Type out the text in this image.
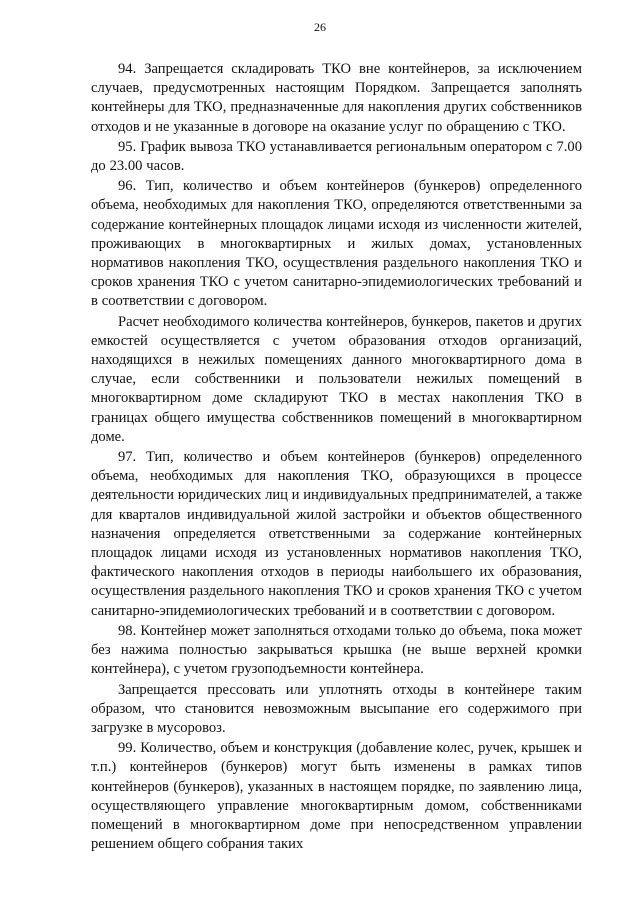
26

94. Запрещается складировать ТКО вне контейнеров, за исключением случаев, предусмотренных настоящим Порядком. Запрещается заполнять контейнеры для ТКО, предназначенные для накопления других собственников отходов и не указанные в договоре на оказание услуг по обращению с ТКО.

95. График вывоза ТКО устанавливается региональным оператором с 7.00 до 23.00 часов.

96. Тип, количество и объем контейнеров (бункеров) определенного объема, необходимых для накопления ТКО, определяются ответственными за содержание контейнерных площадок лицами исходя из численности жителей, проживающих в многоквартирных и жилых домах, установленных нормативов накопления ТКО, осуществления раздельного накопления ТКО и сроков хранения ТКО с учетом санитарно-эпидемиологических требований и в соответствии с договором.

Расчет необходимого количества контейнеров, бункеров, пакетов и других емкостей осуществляется с учетом образования отходов организаций, находящихся в нежилых помещениях данного многоквартирного дома в случае, если собственники и пользователи нежилых помещений в многоквартирном доме складируют ТКО в местах накопления ТКО в границах общего имущества собственников помещений в многоквартирном доме.

97. Тип, количество и объем контейнеров (бункеров) определенного объема, необходимых для накопления ТКО, образующихся в процессе деятельности юридических лиц и индивидуальных предпринимателей, а также для кварталов индивидуальной жилой застройки и объектов общественного назначения определяется ответственными за содержание контейнерных площадок лицами исходя из установленных нормативов накопления ТКО, фактического накопления отходов в периоды наибольшего их образования, осуществления раздельного накопления ТКО и сроков хранения ТКО с учетом санитарно-эпидемиологических требований и в соответствии с договором.

98. Контейнер может заполняться отходами только до объема, пока может без нажима полностью закрываться крышка (не выше верхней кромки контейнера), с учетом грузоподъемности контейнера.

Запрещается прессовать или уплотнять отходы в контейнере таким образом, что становится невозможным высыпание его содержимого при загрузке в мусоровоз.

99. Количество, объем и конструкция (добавление колес, ручек, крышек и т.п.) контейнеров (бункеров) могут быть изменены в рамках типов контейнеров (бункеров), указанных в настоящем порядке, по заявлению лица, осуществляющего управление многоквартирным домом, собственниками помещений в многоквартирном доме при непосредственном управлении решением общего собрания таких
